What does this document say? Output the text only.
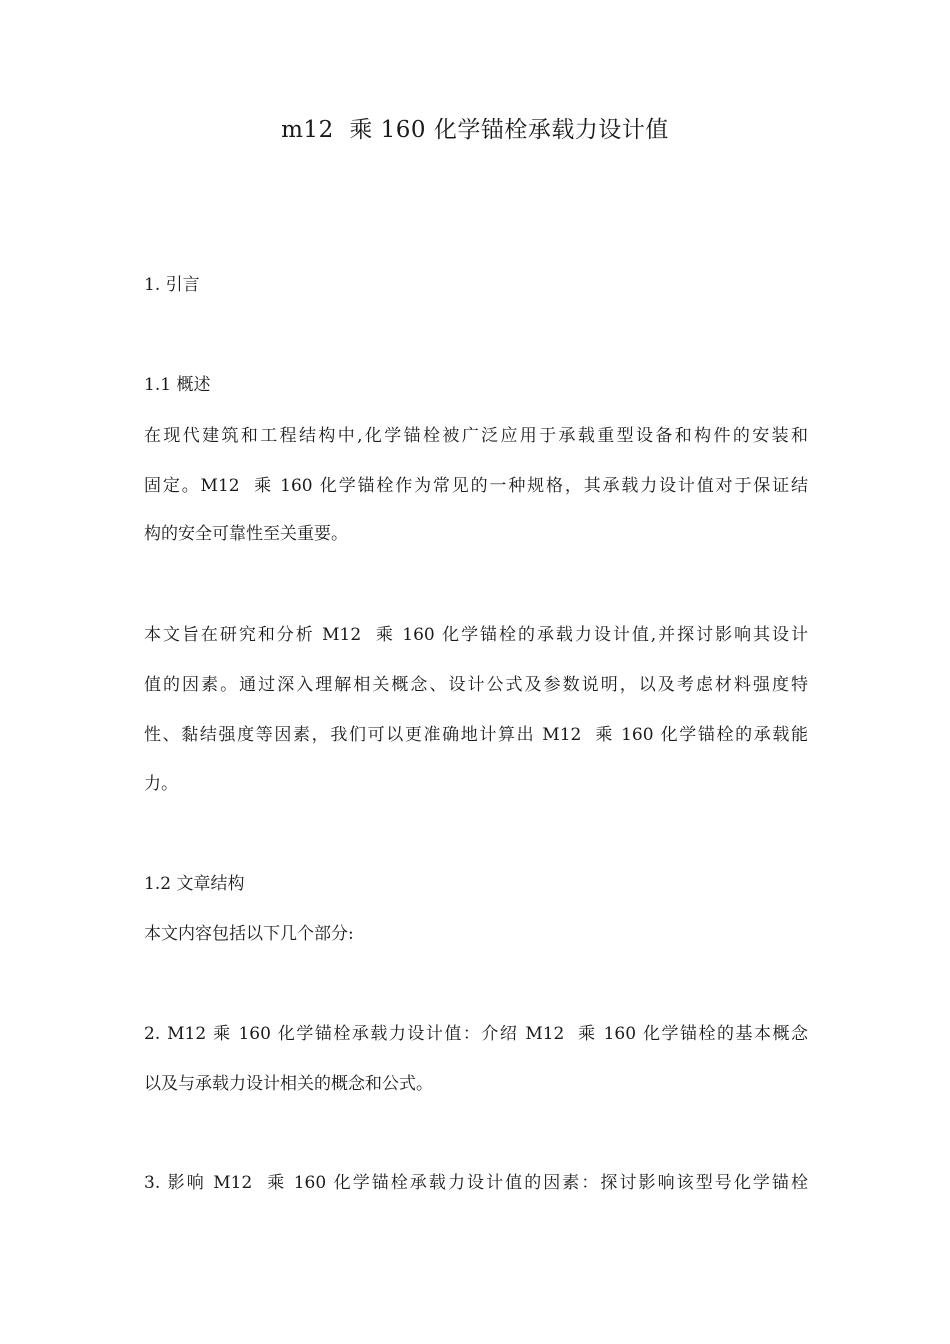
m12  乘 160 化学锚栓承载力设计值
1. 引言
1.1 概述
在现代建筑和工程结构中,化学锚栓被广泛应用于承载重型设备和构件的安装和
固定。M12  乘 160 化学锚栓作为常见的一种规格，其承载力设计值对于保证结
构的安全可靠性至关重要。
本文旨在研究和分析 M12  乘 160 化学锚栓的承载力设计值,并探讨影响其设计
值的因素。通过深入理解相关概念、设计公式及参数说明，以及考虑材料强度特
性、黏结强度等因素，我们可以更准确地计算出 M12  乘 160 化学锚栓的承载能
力。
1.2 文章结构
本文内容包括以下几个部分:
2. M12 乘 160 化学锚栓承载力设计值：介绍 M12  乘 160 化学锚栓的基本概念
以及与承载力设计相关的概念和公式。
3. 影响 M12  乘 160 化学锚栓承载力设计值的因素：探讨影响该型号化学锚栓
